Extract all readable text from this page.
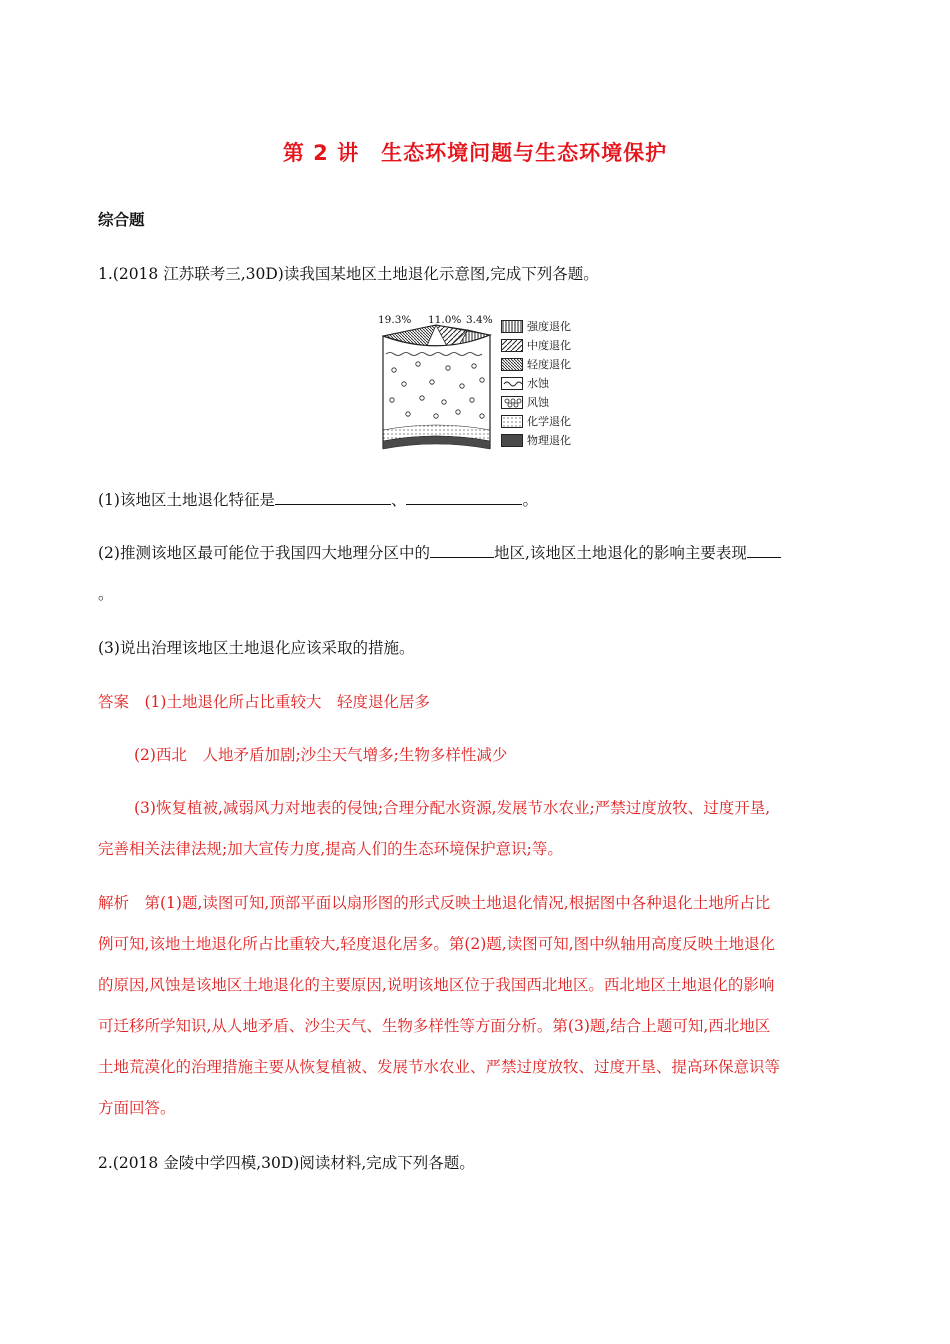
第 2 讲　生态环境问题与生态环境保护
综合题
1.(2018 江苏联考三,30D)读我国某地区土地退化示意图,完成下列各题。
19.3% 11.0% 3.4%	强度退化
中度退化
轻度退化
水蚀
风蚀
化学退化
物理退化
(1)该地区土地退化特征是	、	。
(2)推测该地区最可能位于我国四大地理分区中的	地区,该地区土地退化的影响主要表现
。
(3)说出治理该地区土地退化应该采取的措施。
答案　(1)土地退化所占比重较大　轻度退化居多
(2)西北　人地矛盾加剧;沙尘天气增多;生物多样性减少
(3)恢复植被,减弱风力对地表的侵蚀;合理分配水资源,发展节水农业;严禁过度放牧、过度开垦,
完善相关法律法规;加大宣传力度,提高人们的生态环境保护意识;等。
解析　第(1)题,读图可知,顶部平面以扇形图的形式反映土地退化情况,根据图中各种退化土地所占比
例可知,该地土地退化所占比重较大,轻度退化居多。第(2)题,读图可知,图中纵轴用高度反映土地退化
的原因,风蚀是该地区土地退化的主要原因,说明该地区位于我国西北地区。西北地区土地退化的影响
可迁移所学知识,从人地矛盾、沙尘天气、生物多样性等方面分析。第(3)题,结合上题可知,西北地区
土地荒漠化的治理措施主要从恢复植被、发展节水农业、严禁过度放牧、过度开垦、提高环保意识等
方面回答。
2.(2018 金陵中学四模,30D)阅读材料,完成下列各题。
